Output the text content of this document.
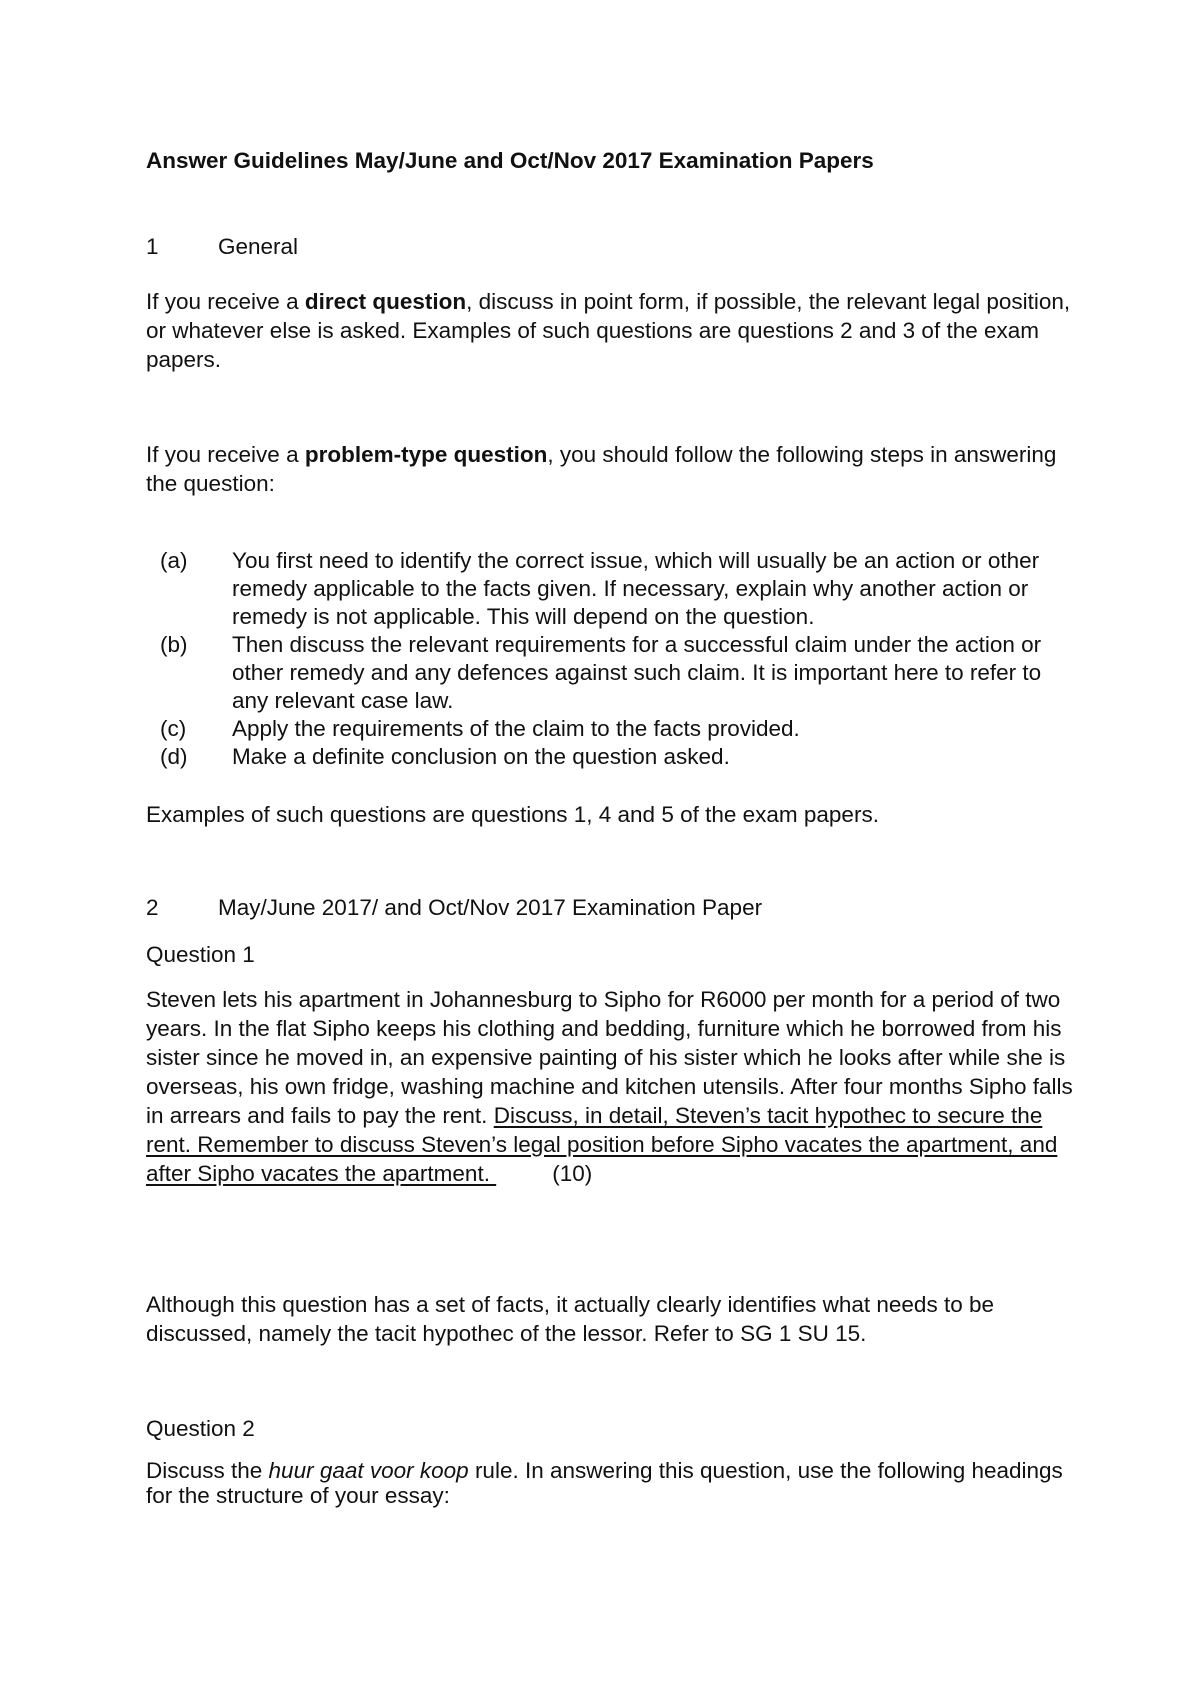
Answer Guidelines May/June and Oct/Nov 2017 Examination Papers

1	General

If you receive a direct question, discuss in point form, if possible, the relevant legal position, or whatever else is asked. Examples of such questions are questions 2 and 3 of the exam papers.

If you receive a problem-type question, you should follow the following steps in answering the question:

(a) You first need to identify the correct issue, which will usually be an action or other remedy applicable to the facts given. If necessary, explain why another action or remedy is not applicable. This will depend on the question.
(b) Then discuss the relevant requirements for a successful claim under the action or other remedy and any defences against such claim. It is important here to refer to any relevant case law.
(c) Apply the requirements of the claim to the facts provided.
(d) Make a definite conclusion on the question asked.

Examples of such questions are questions 1, 4 and 5 of the exam papers.

2	May/June 2017/ and Oct/Nov 2017 Examination Paper

Question 1

Steven lets his apartment in Johannesburg to Sipho for R6000 per month for a period of two years. In the flat Sipho keeps his clothing and bedding, furniture which he borrowed from his sister since he moved in, an expensive painting of his sister which he looks after while she is overseas, his own fridge, washing machine and kitchen utensils. After four months Sipho falls in arrears and fails to pay the rent. Discuss, in detail, Steven’s tacit hypothec to secure the rent. Remember to discuss Steven’s legal position before Sipho vacates the apartment, and after Sipho vacates the apartment. (10)

Although this question has a set of facts, it actually clearly identifies what needs to be discussed, namely the tacit hypothec of the lessor. Refer to SG 1 SU 15.

Question 2

Discuss the huur gaat voor koop rule. In answering this question, use the following headings for the structure of your essay:
